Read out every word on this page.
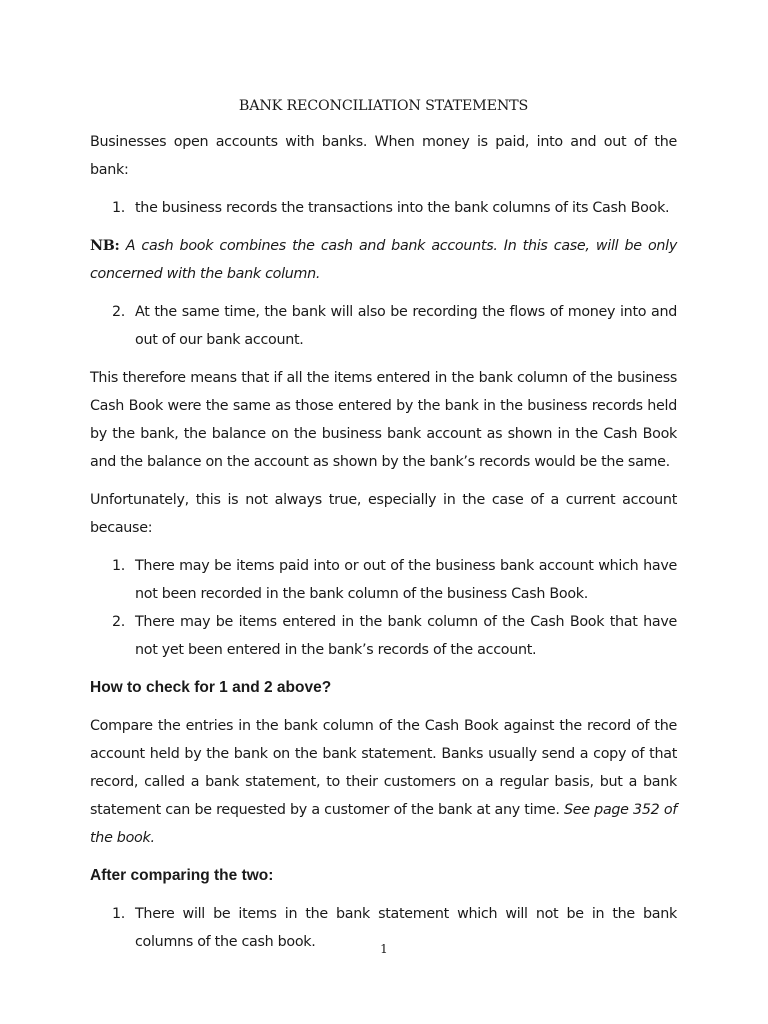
BANK RECONCILIATION STATEMENTS

Businesses open accounts with banks. When money is paid, into and out of the bank:

1. the business records the transactions into the bank columns of its Cash Book.

NB: A cash book combines the cash and bank accounts. In this case, will be only concerned with the bank column.

2. At the same time, the bank will also be recording the flows of money into and out of our bank account.

This therefore means that if all the items entered in the bank column of the business Cash Book were the same as those entered by the bank in the business records held by the bank, the balance on the business bank account as shown in the Cash Book and the balance on the account as shown by the bank’s records would be the same.

Unfortunately, this is not always true, especially in the case of a current account because:

1. There may be items paid into or out of the business bank account which have not been recorded in the bank column of the business Cash Book.
2. There may be items entered in the bank column of the Cash Book that have not yet been entered in the bank’s records of the account.
How to check for 1 and 2 above?

Compare the entries in the bank column of the Cash Book against the record of the account held by the bank on the bank statement. Banks usually send a copy of that record, called a bank statement, to their customers on a regular basis, but a bank statement can be requested by a customer of the bank at any time. See page 352 of the book.

After comparing the two:
1. There will be items in the bank statement which will not be in the bank columns of the cash book.	1
